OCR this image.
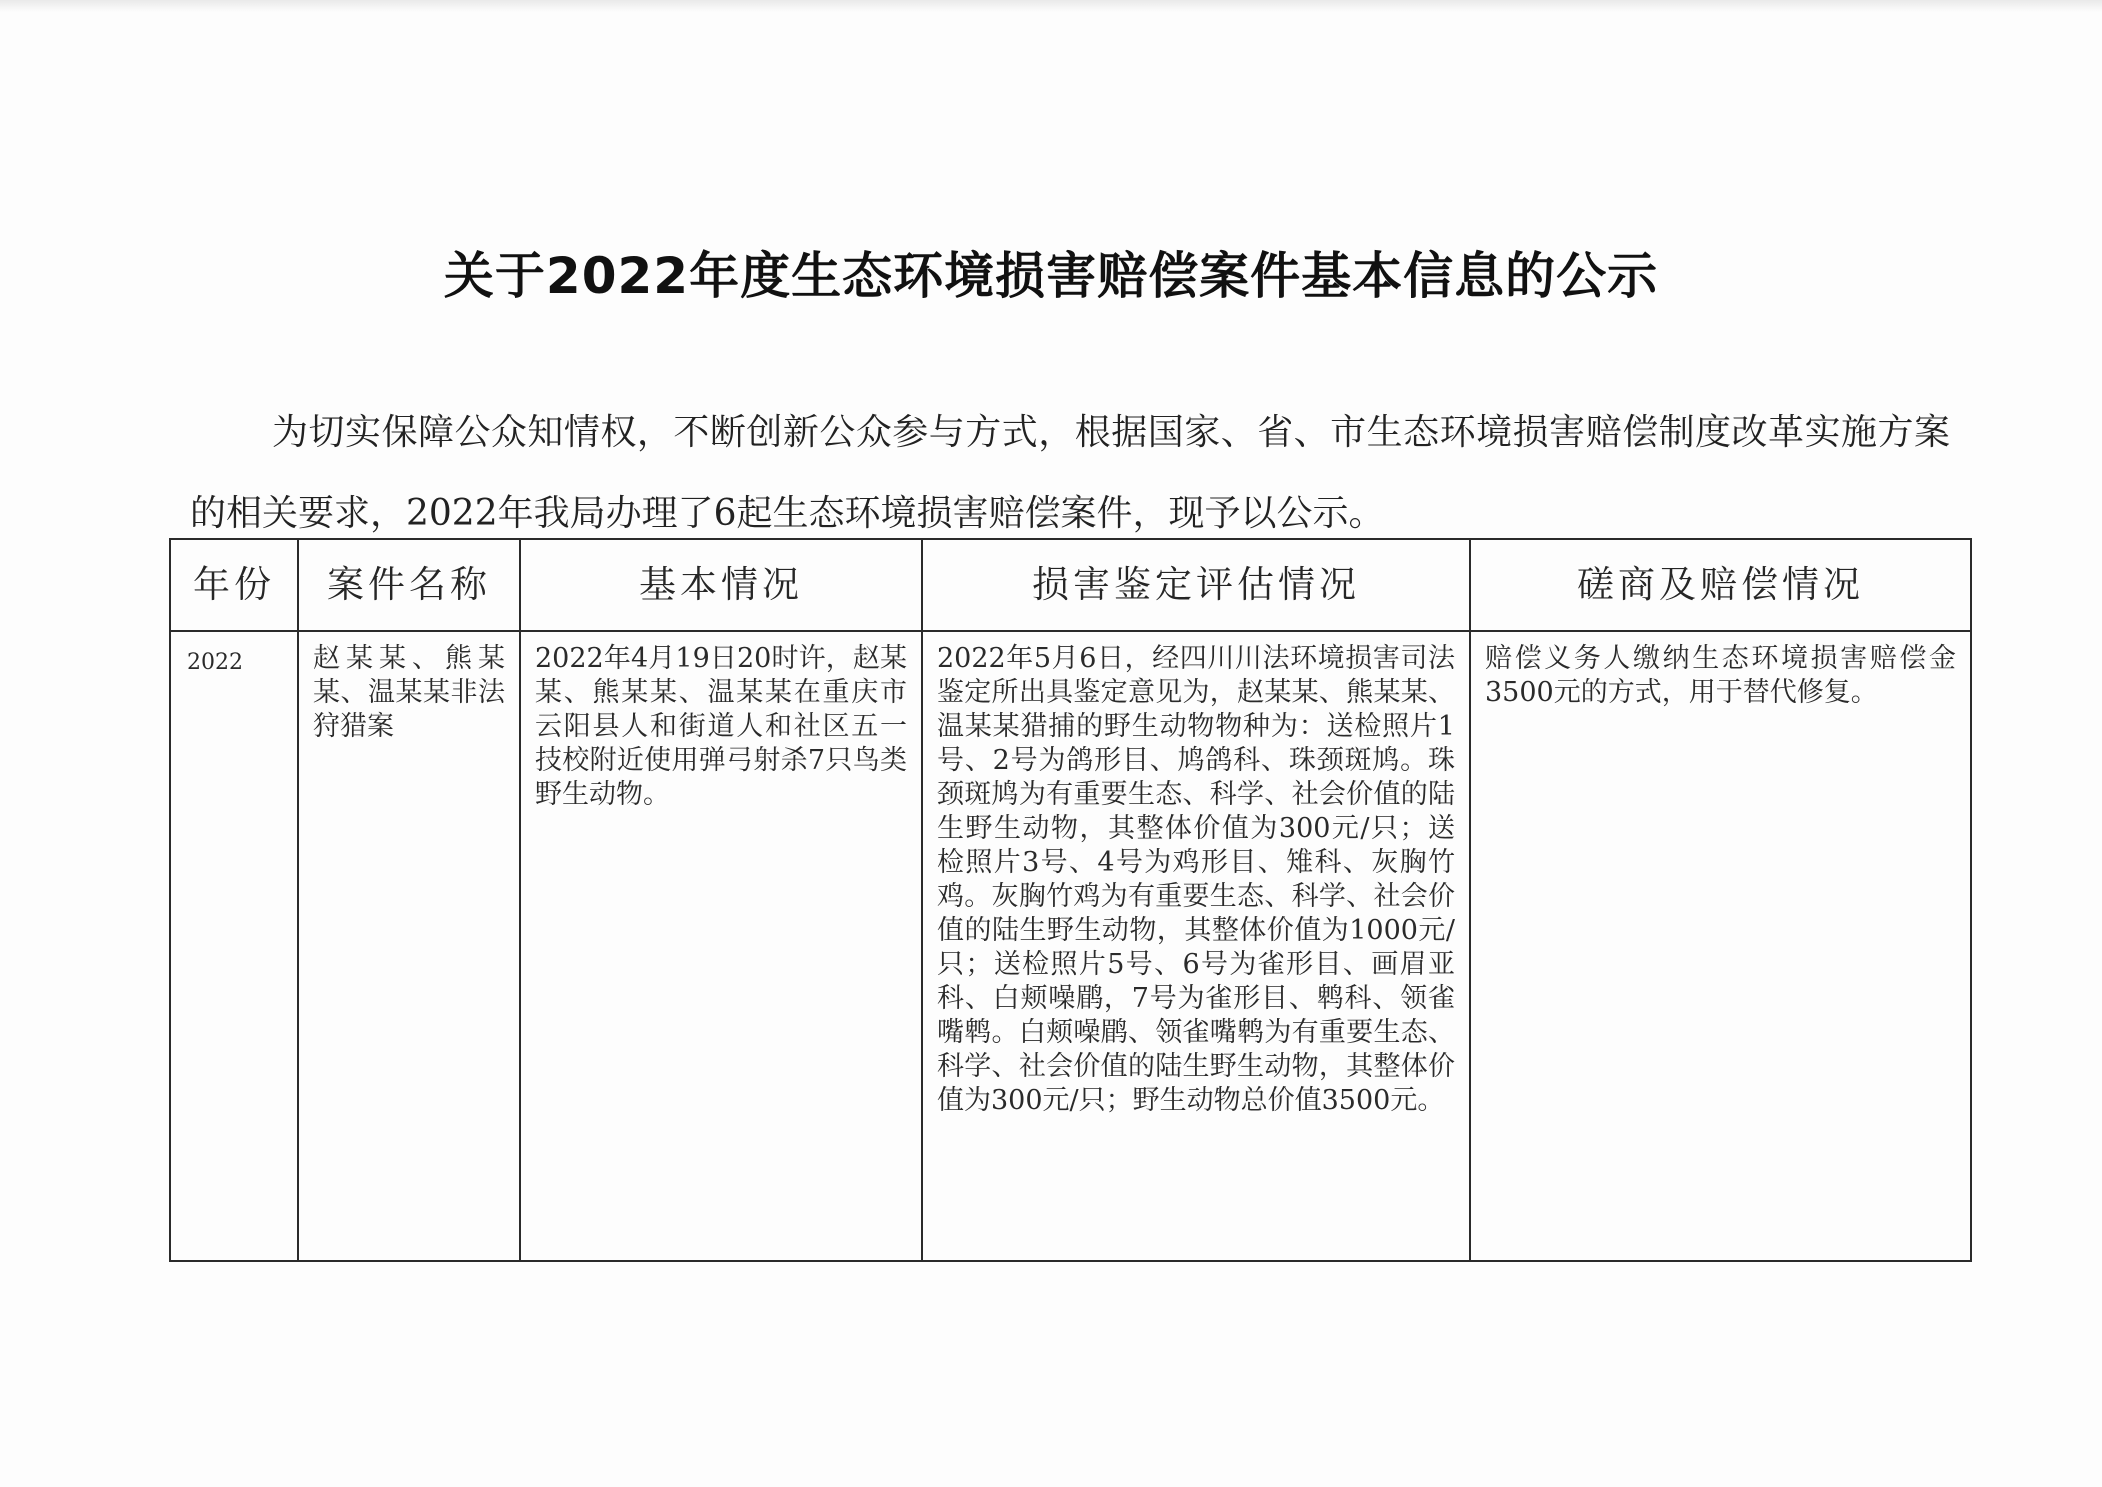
关于2022年度生态环境损害赔偿案件基本信息的公示

为切实保障公众知情权，不断创新公众参与方式，根据国家、省、市生态环境损害赔偿制度改革实施方案的相关要求，2022年我局办理了6起生态环境损害赔偿案件，现予以公示。

年份	案件名称	基本情况	损害鉴定评估情况	磋商及赔偿情况
2022	赵某某、熊某某、温某某非法狩猎案	2022年4月19日20时许，赵某某、熊某某、温某某在重庆市云阳县人和街道人和社区五一技校附近使用弹弓射杀7只鸟类野生动物。	2022年5月6日，经四川川法环境损害司法鉴定所出具鉴定意见为，赵某某、熊某某、温某某猎捕的野生动物物种为：送检照片1号、2号为鸽形目、鸠鸽科、珠颈斑鸠。珠颈斑鸠为有重要生态、科学、社会价值的陆生野生动物，其整体价值为300元/只；送检照片3号、4号为鸡形目、雉科、灰胸竹鸡。灰胸竹鸡为有重要生态、科学、社会价值的陆生野生动物，其整体价值为1000元/只；送检照片5号、6号为雀形目、画眉亚科、白颊噪鹛，7号为雀形目、鹎科、领雀嘴鹎。白颊噪鹛、领雀嘴鹎为有重要生态、科学、社会价值的陆生野生动物，其整体价值为300元/只；野生动物总价值3500元。	赔偿义务人缴纳生态环境损害赔偿金3500元的方式，用于替代修复。
